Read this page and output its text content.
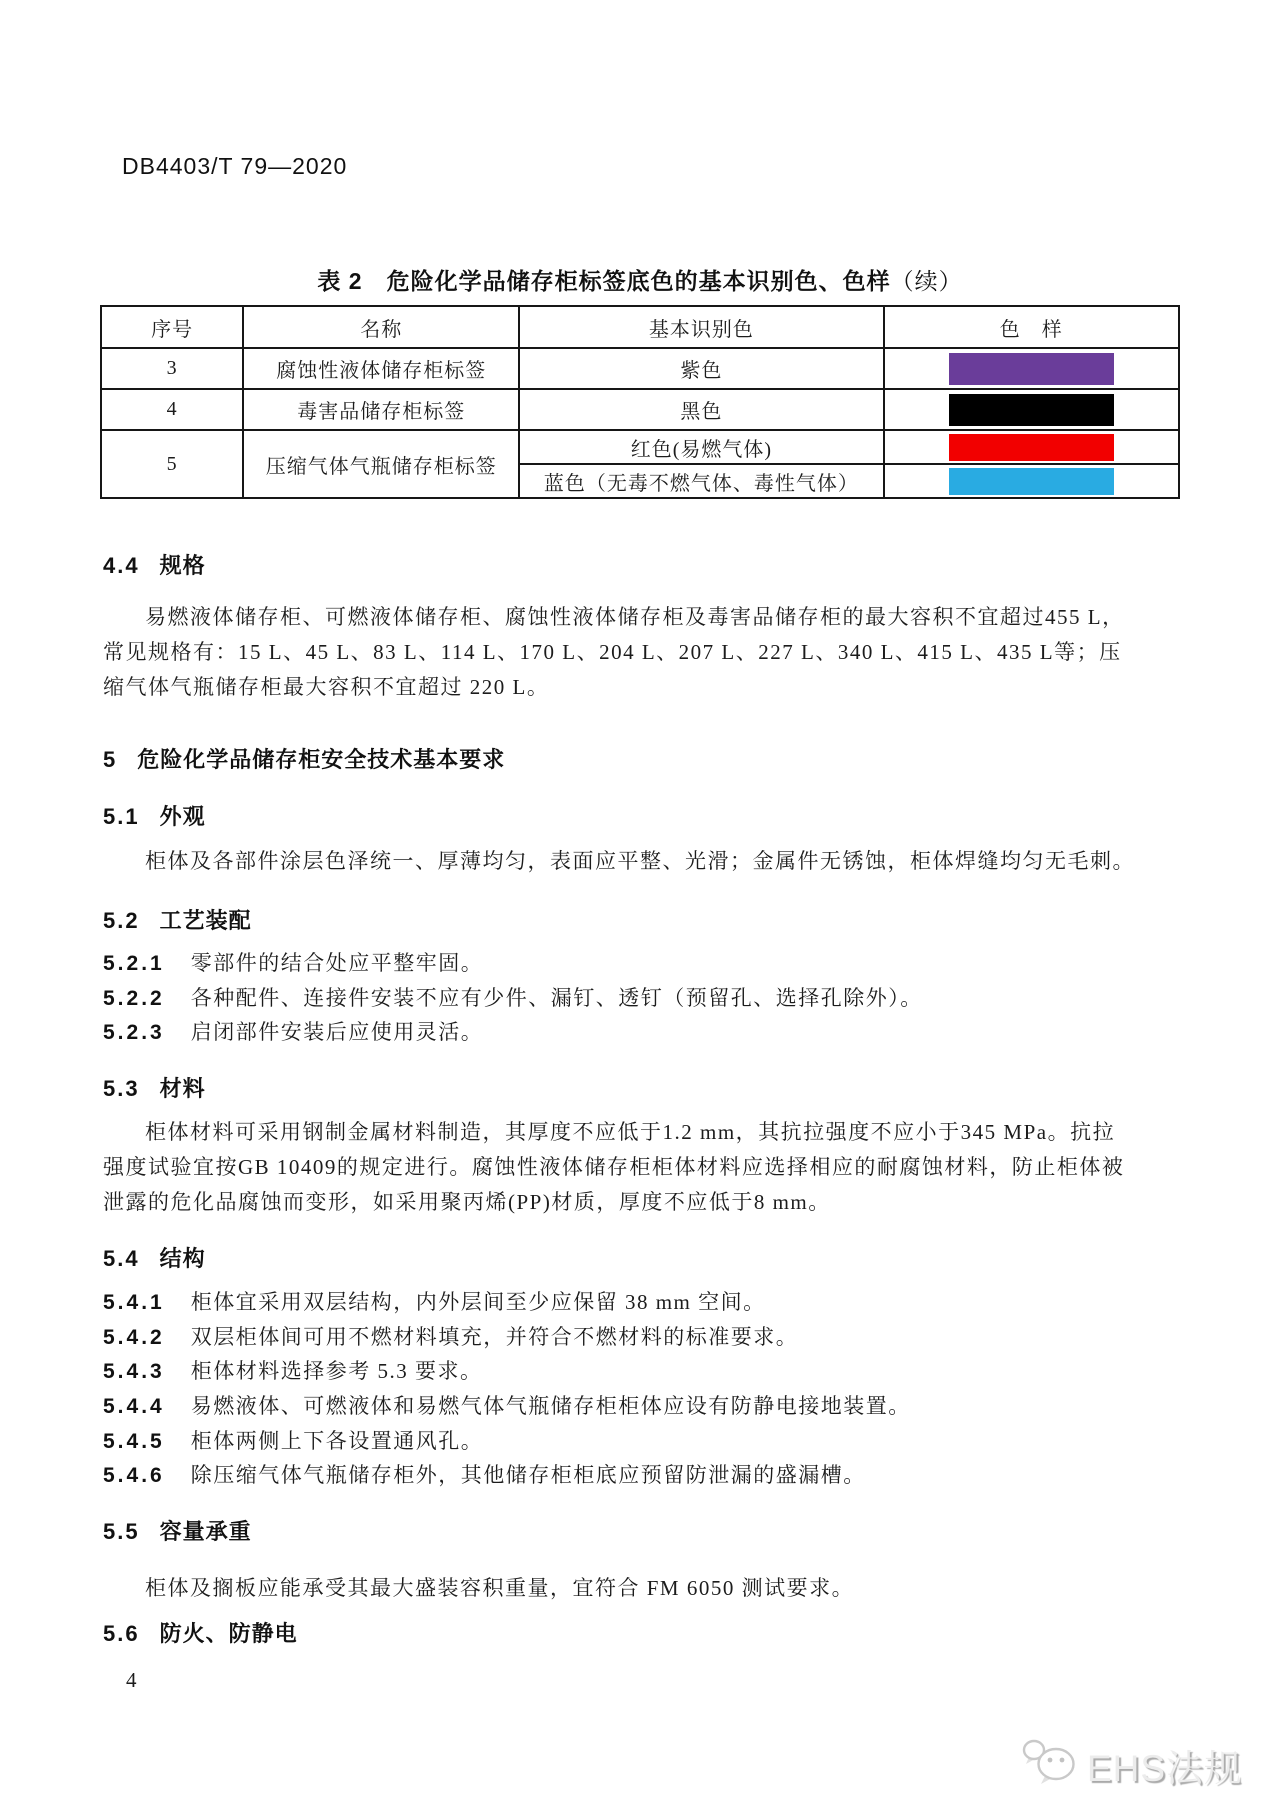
DB4403/T 79—2020
表 2　危险化学品储存柜标签底色的基本识别色、色样（续）
序号	名称	基本识别色	色　样
3	腐蚀性液体储存柜标签	紫色	

4	毒害品储存柜标签	黑色	

5	压缩气体气瓶储存柜标签	红色(易燃气体)	

		蓝色（无毒不燃气体、毒性气体）	
4.4 规格
易燃液体储存柜、可燃液体储存柜、腐蚀性液体储存柜及毒害品储存柜的最大容积不宜超过455 L，
常见规格有：15 L、45 L、83 L、114 L、170 L、204 L、207 L、227 L、340 L、415 L、435 L等；压
缩气体气瓶储存柜最大容积不宜超过 220 L。
5 危险化学品储存柜安全技术基本要求
5.1 外观
柜体及各部件涂层色泽统一、厚薄均匀，表面应平整、光滑；金属件无锈蚀，柜体焊缝均匀无毛刺。
5.2 工艺装配
5.2.1 零部件的结合处应平整牢固。
5.2.2 各种配件、连接件安装不应有少件、漏钉、透钉（预留孔、选择孔除外）。
5.2.3 启闭部件安装后应使用灵活。
5.3 材料
柜体材料可采用钢制金属材料制造，其厚度不应低于1.2 mm，其抗拉强度不应小于345 MPa。抗拉
强度试验宜按GB 10409的规定进行。腐蚀性液体储存柜柜体材料应选择相应的耐腐蚀材料，防止柜体被
泄露的危化品腐蚀而变形，如采用聚丙烯(PP)材质，厚度不应低于8 mm。
5.4 结构
5.4.1 柜体宜采用双层结构，内外层间至少应保留 38 mm 空间。
5.4.2 双层柜体间可用不燃材料填充，并符合不燃材料的标准要求。
5.4.3 柜体材料选择参考 5.3 要求。
5.4.4 易燃液体、可燃液体和易燃气体气瓶储存柜柜体应设有防静电接地装置。
5.4.5 柜体两侧上下各设置通风孔。
5.4.6 除压缩气体气瓶储存柜外，其他储存柜柜底应预留防泄漏的盛漏槽。
5.5 容量承重
柜体及搁板应能承受其最大盛装容积重量，宜符合 FM 6050 测试要求。
5.6 防火、防静电
4
EHS法规
